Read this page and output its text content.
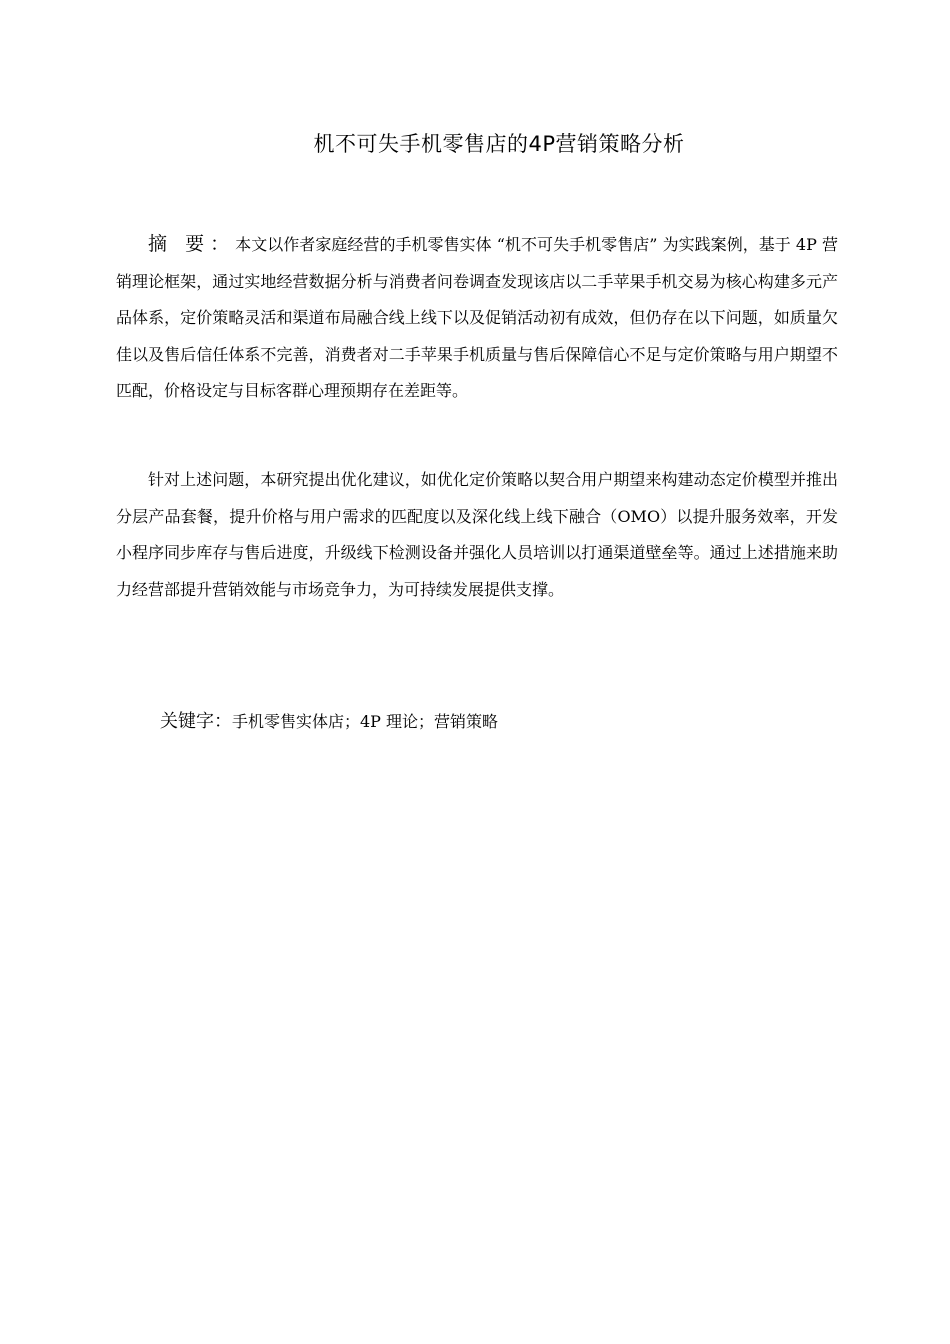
机不可失手机零售店的4P营销策略分析

摘 要：本文以作者家庭经营的手机零售实体 “机不可失手机零售店” 为实践案例，基于 4P 营销理论框架，通过实地经营数据分析与消费者问卷调查发现该店以二手苹果手机交易为核心构建多元产品体系，定价策略灵活和渠道布局融合线上线下以及促销活动初有成效，但仍存在以下问题，如质量欠佳以及售后信任体系不完善，消费者对二手苹果手机质量与售后保障信心不足与定价策略与用户期望不匹配，价格设定与目标客群心理预期存在差距等。

针对上述问题，本研究提出优化建议，如优化定价策略以契合用户期望来构建动态定价模型并推出分层产品套餐，提升价格与用户需求的匹配度以及深化线上线下融合（OMO）以提升服务效率，开发小程序同步库存与售后进度，升级线下检测设备并强化人员培训以打通渠道壁垒等。通过上述措施来助力经营部提升营销效能与市场竞争力，为可持续发展提供支撑。

关键字：手机零售实体店；4P 理论；营销策略
